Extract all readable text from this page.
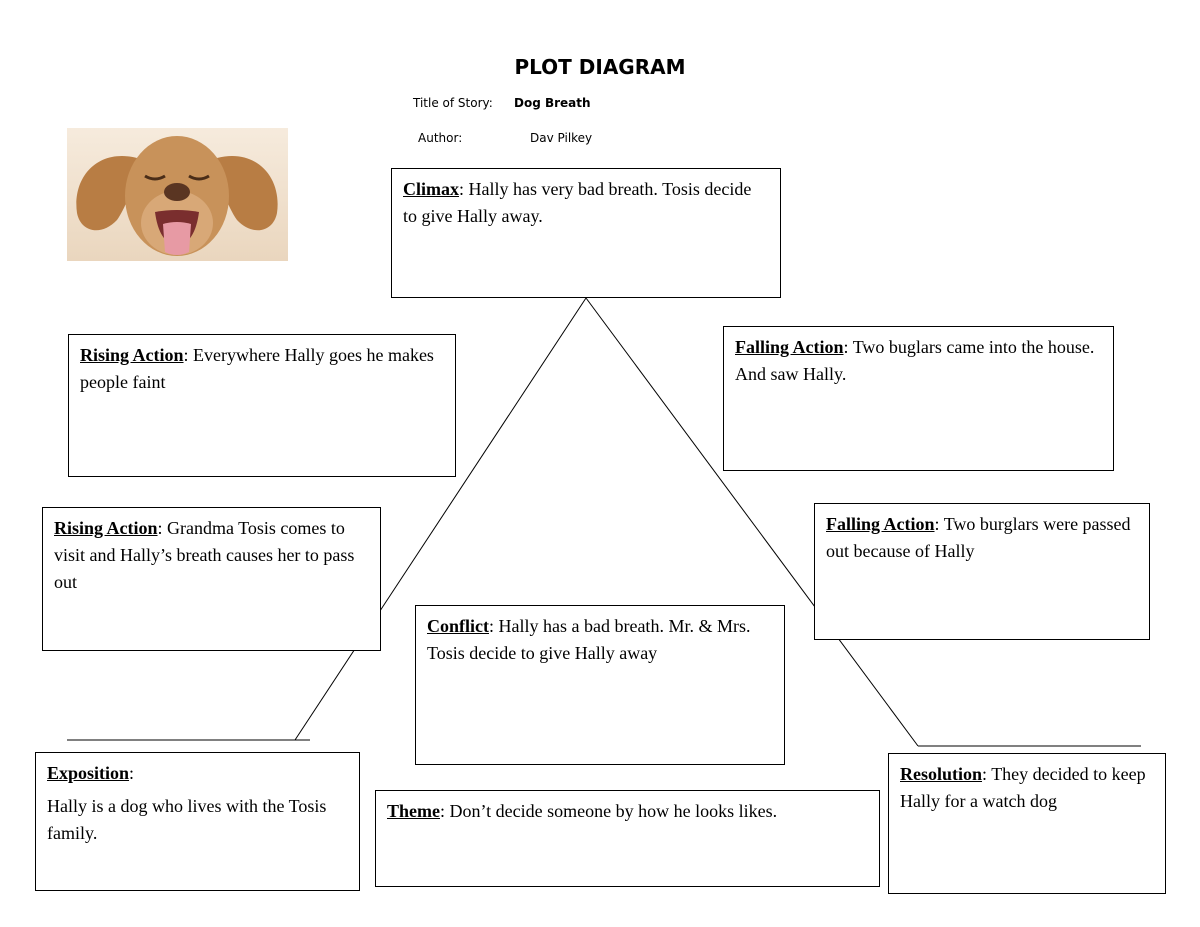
PLOT DIAGRAM
Title of Story: Dog Breath
Author:	Dav Pilkey

Climax: Hally has very bad breath. Tosis decide to give Hally away.

Rising Action: Everywhere Hally goes he makes people faint

Falling Action: Two buglars came into the house. And saw Hally.

Rising Action: Grandma Tosis comes to visit and Hally’s breath causes her to pass out

Falling Action: Two burglars were passed out because of Hally

Conflict: Hally has a bad breath. Mr. & Mrs. Tosis decide to give Hally away

Exposition:

Hally is a dog who lives with the Tosis family.

Theme: Don’t decide someone by how he looks likes.

Resolution: They decided to keep Hally for a watch dog
